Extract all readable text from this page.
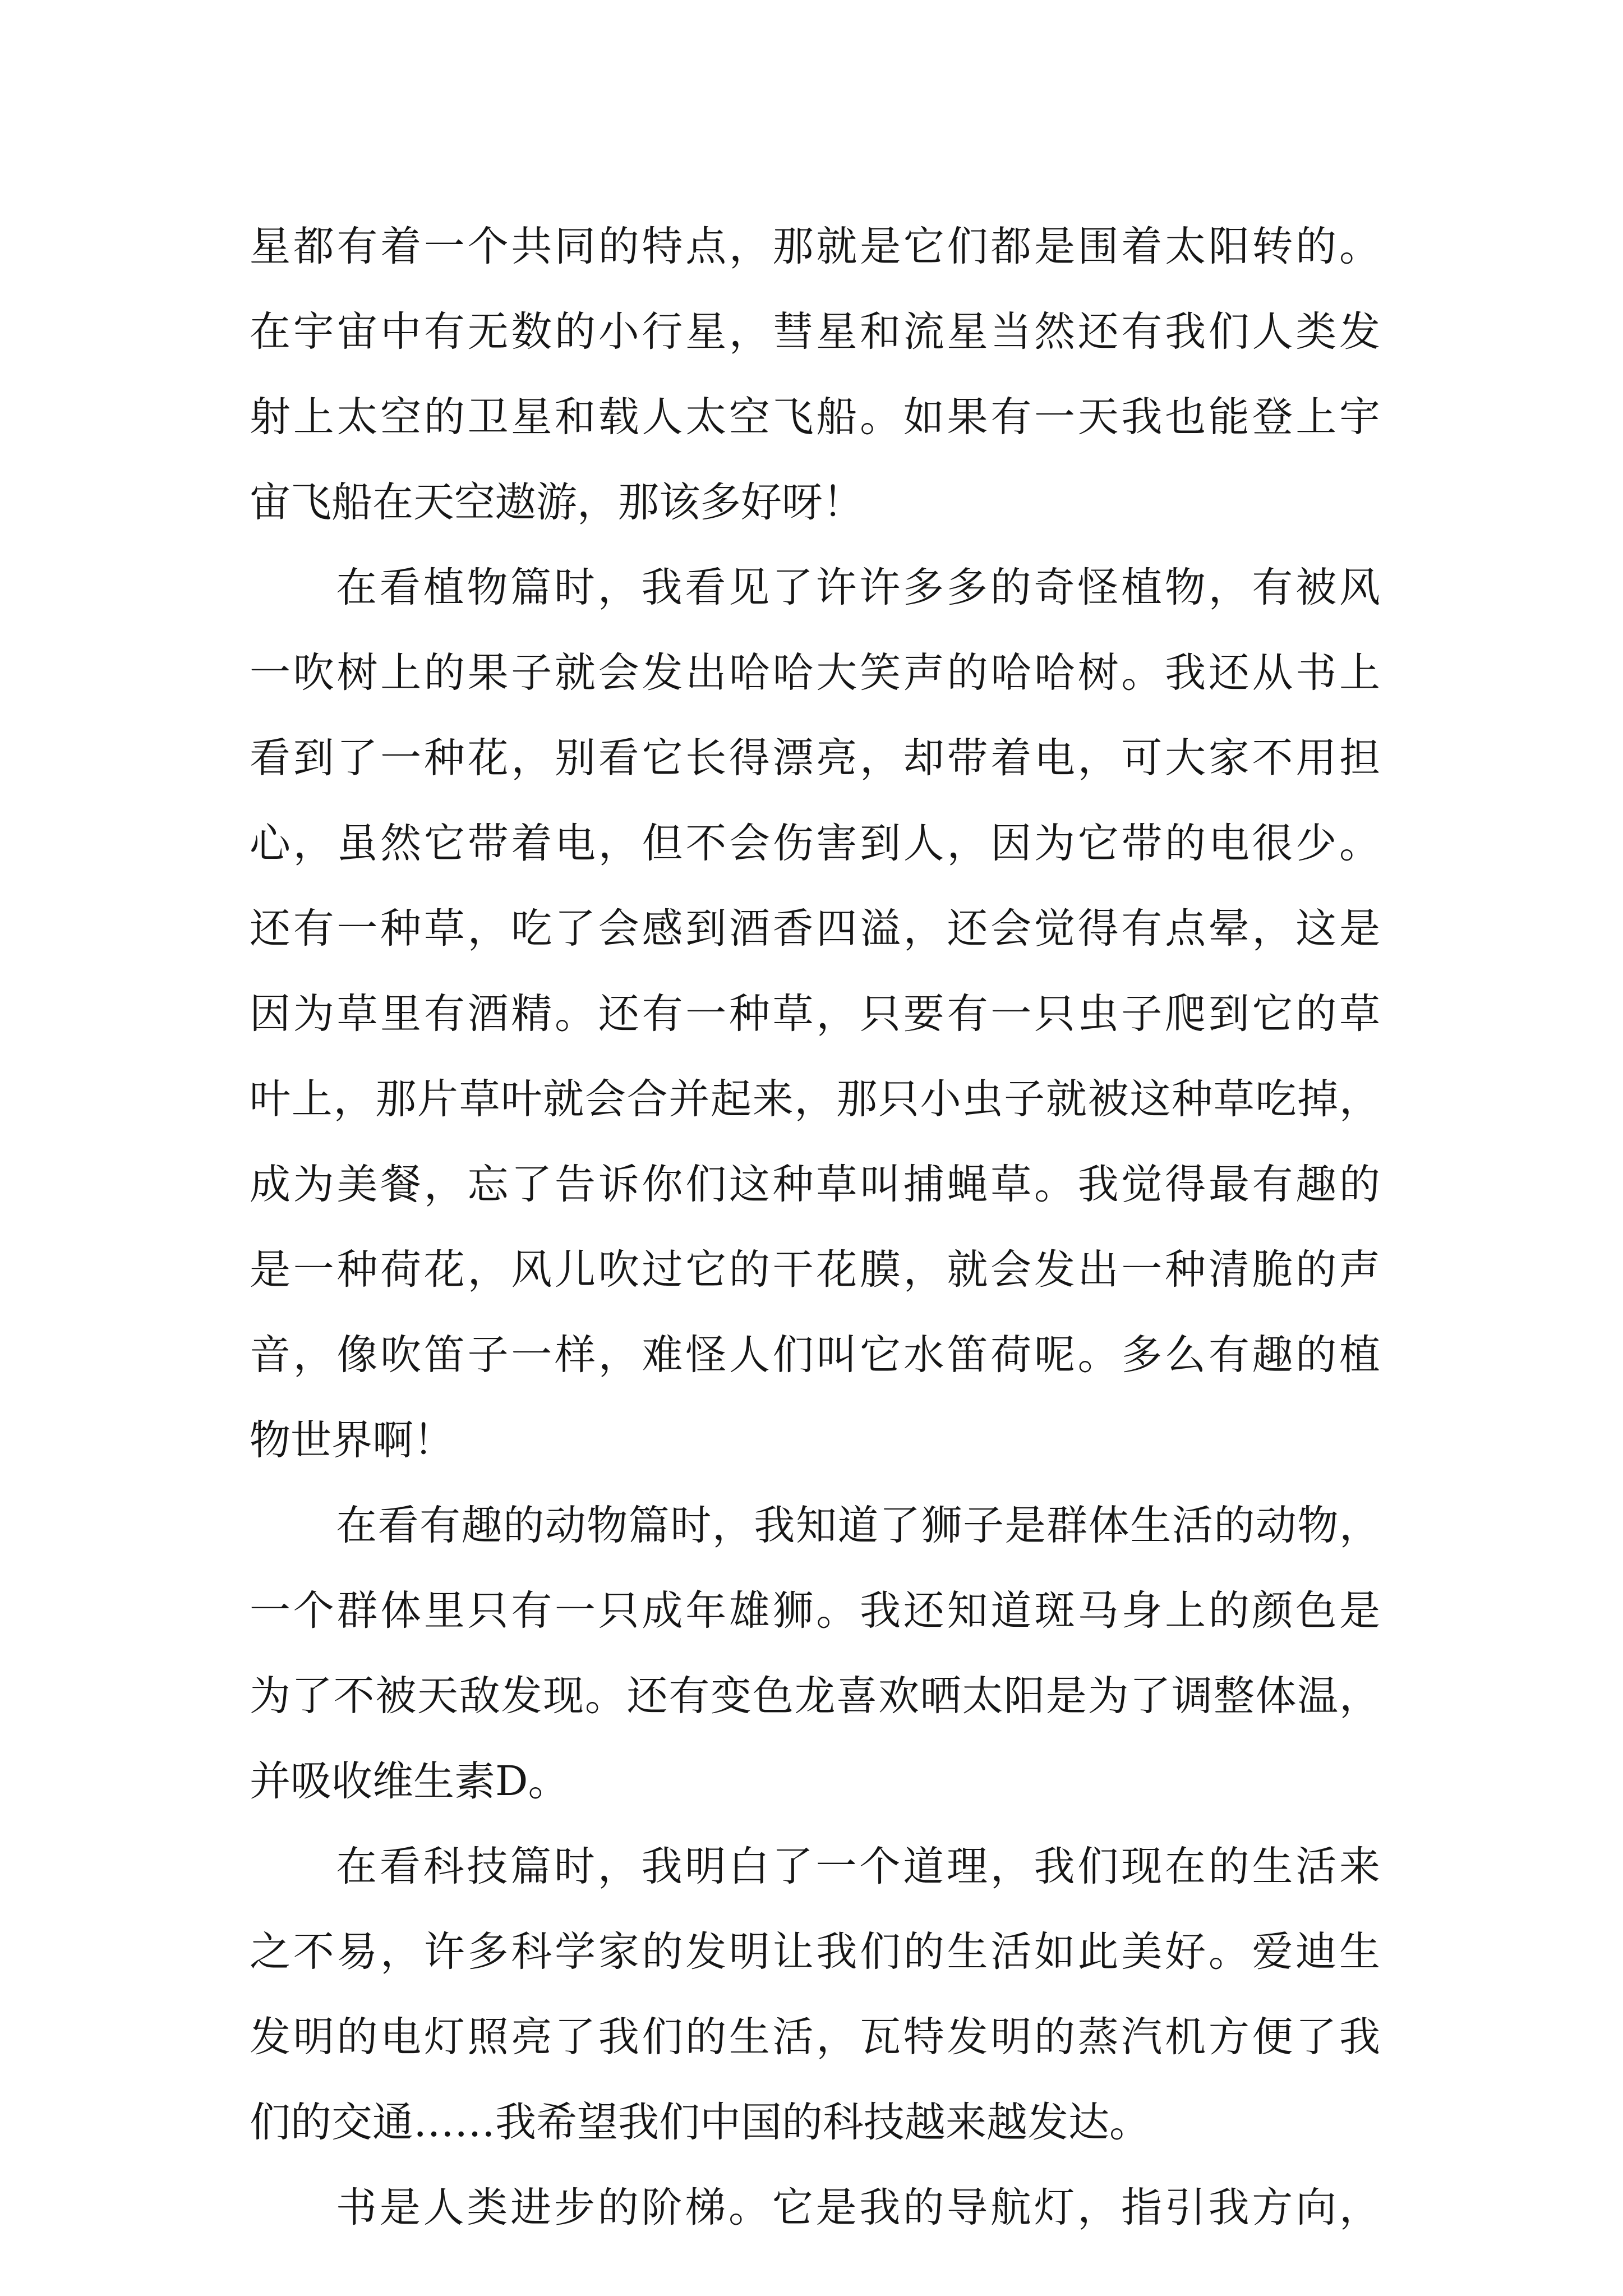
星都有着一个共同的特点，那就是它们都是围着太阳转的。

在宇宙中有无数的小行星，彗星和流星当然还有我们人类发

射上太空的卫星和载人太空飞船。如果有一天我也能登上宇

宙飞船在天空遨游，那该多好呀！

在看植物篇时，我看见了许许多多的奇怪植物，有被风

一吹树上的果子就会发出哈哈大笑声的哈哈树。我还从书上

看到了一种花，别看它长得漂亮，却带着电，可大家不用担

心，虽然它带着电，但不会伤害到人，因为它带的电很少。

还有一种草，吃了会感到酒香四溢，还会觉得有点晕，这是

因为草里有酒精。还有一种草，只要有一只虫子爬到它的草

叶上，那片草叶就会合并起来，那只小虫子就被这种草吃掉，

成为美餐，忘了告诉你们这种草叫捕蝇草。我觉得最有趣的

是一种荷花，风儿吹过它的干花膜，就会发出一种清脆的声

音，像吹笛子一样，难怪人们叫它水笛荷呢。多么有趣的植

物世界啊！

在看有趣的动物篇时，我知道了狮子是群体生活的动物，

一个群体里只有一只成年雄狮。我还知道斑马身上的颜色是

为了不被天敌发现。还有变色龙喜欢晒太阳是为了调整体温，

并吸收维生素D。

在看科技篇时，我明白了一个道理，我们现在的生活来

之不易，许多科学家的发明让我们的生活如此美好。爱迪生

发明的电灯照亮了我们的生活，瓦特发明的蒸汽机方便了我

们的交通……我希望我们中国的科技越来越发达。

书是人类进步的阶梯。它是我的导航灯，指引我方向，
